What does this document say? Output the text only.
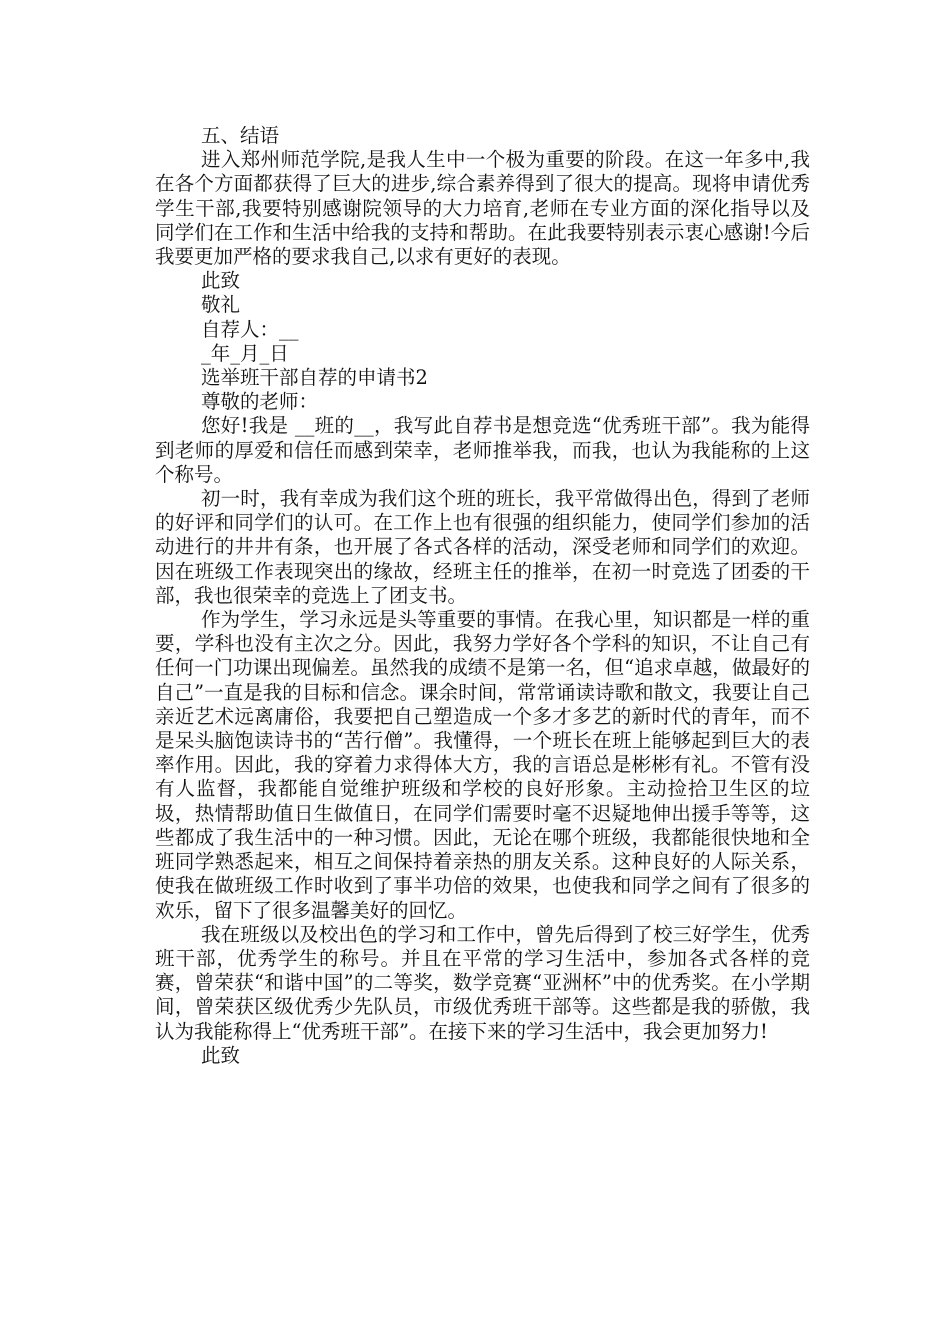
五、结语

进入郑州师范学院,是我人生中一个极为重要的阶段。在这一年多中,我在各个方面都获得了巨大的进步,综合素养得到了很大的提高。现将申请优秀学生干部,我要特别感谢院领导的大力培育,老师在专业方面的深化指导以及同学们在工作和生活中给我的支持和帮助。在此我要特别表示衷心感谢!今后我要更加严格的要求我自己,以求有更好的表现。

此致

敬礼

自荐人：__

_年_月_日

选举班干部自荐的申请书2

尊敬的老师：

您好!我是 __班的__，我写此自荐书是想竞选“优秀班干部”。我为能得到老师的厚爱和信任而感到荣幸，老师推举我，而我，也认为我能称的上这个称号。

初一时，我有幸成为我们这个班的班长，我平常做得出色，得到了老师的好评和同学们的认可。在工作上也有很强的组织能力，使同学们参加的活动进行的井井有条，也开展了各式各样的活动，深受老师和同学们的欢迎。因在班级工作表现突出的缘故，经班主任的推举，在初一时竞选了团委的干部，我也很荣幸的竞选上了团支书。

作为学生，学习永远是头等重要的事情。在我心里，知识都是一样的重要，学科也没有主次之分。因此，我努力学好各个学科的知识，不让自己有任何一门功课出现偏差。虽然我的成绩不是第一名，但“追求卓越，做最好的自己”一直是我的目标和信念。课余时间，常常诵读诗歌和散文，我要让自己亲近艺术远离庸俗，我要把自己塑造成一个多才多艺的新时代的青年，而不是呆头脑饱读诗书的“苦行僧”。我懂得，一个班长在班上能够起到巨大的表率作用。因此，我的穿着力求得体大方，我的言语总是彬彬有礼。不管有没有人监督，我都能自觉维护班级和学校的良好形象。主动捡拾卫生区的垃圾，热情帮助值日生做值日，在同学们需要时毫不迟疑地伸出援手等等，这些都成了我生活中的一种习惯。因此，无论在哪个班级，我都能很快地和全班同学熟悉起来，相互之间保持着亲热的朋友关系。这种良好的人际关系，使我在做班级工作时收到了事半功倍的效果，也使我和同学之间有了很多的欢乐，留下了很多温馨美好的回忆。

我在班级以及校出色的学习和工作中，曾先后得到了校三好学生，优秀班干部，优秀学生的称号。并且在平常的学习生活中，参加各式各样的竞赛，曾荣获“和谐中国”的二等奖，数学竞赛“亚洲杯”中的优秀奖。在小学期间，曾荣获区级优秀少先队员，市级优秀班干部等。这些都是我的骄傲，我认为我能称得上“优秀班干部”。在接下来的学习生活中，我会更加努力!

此致
